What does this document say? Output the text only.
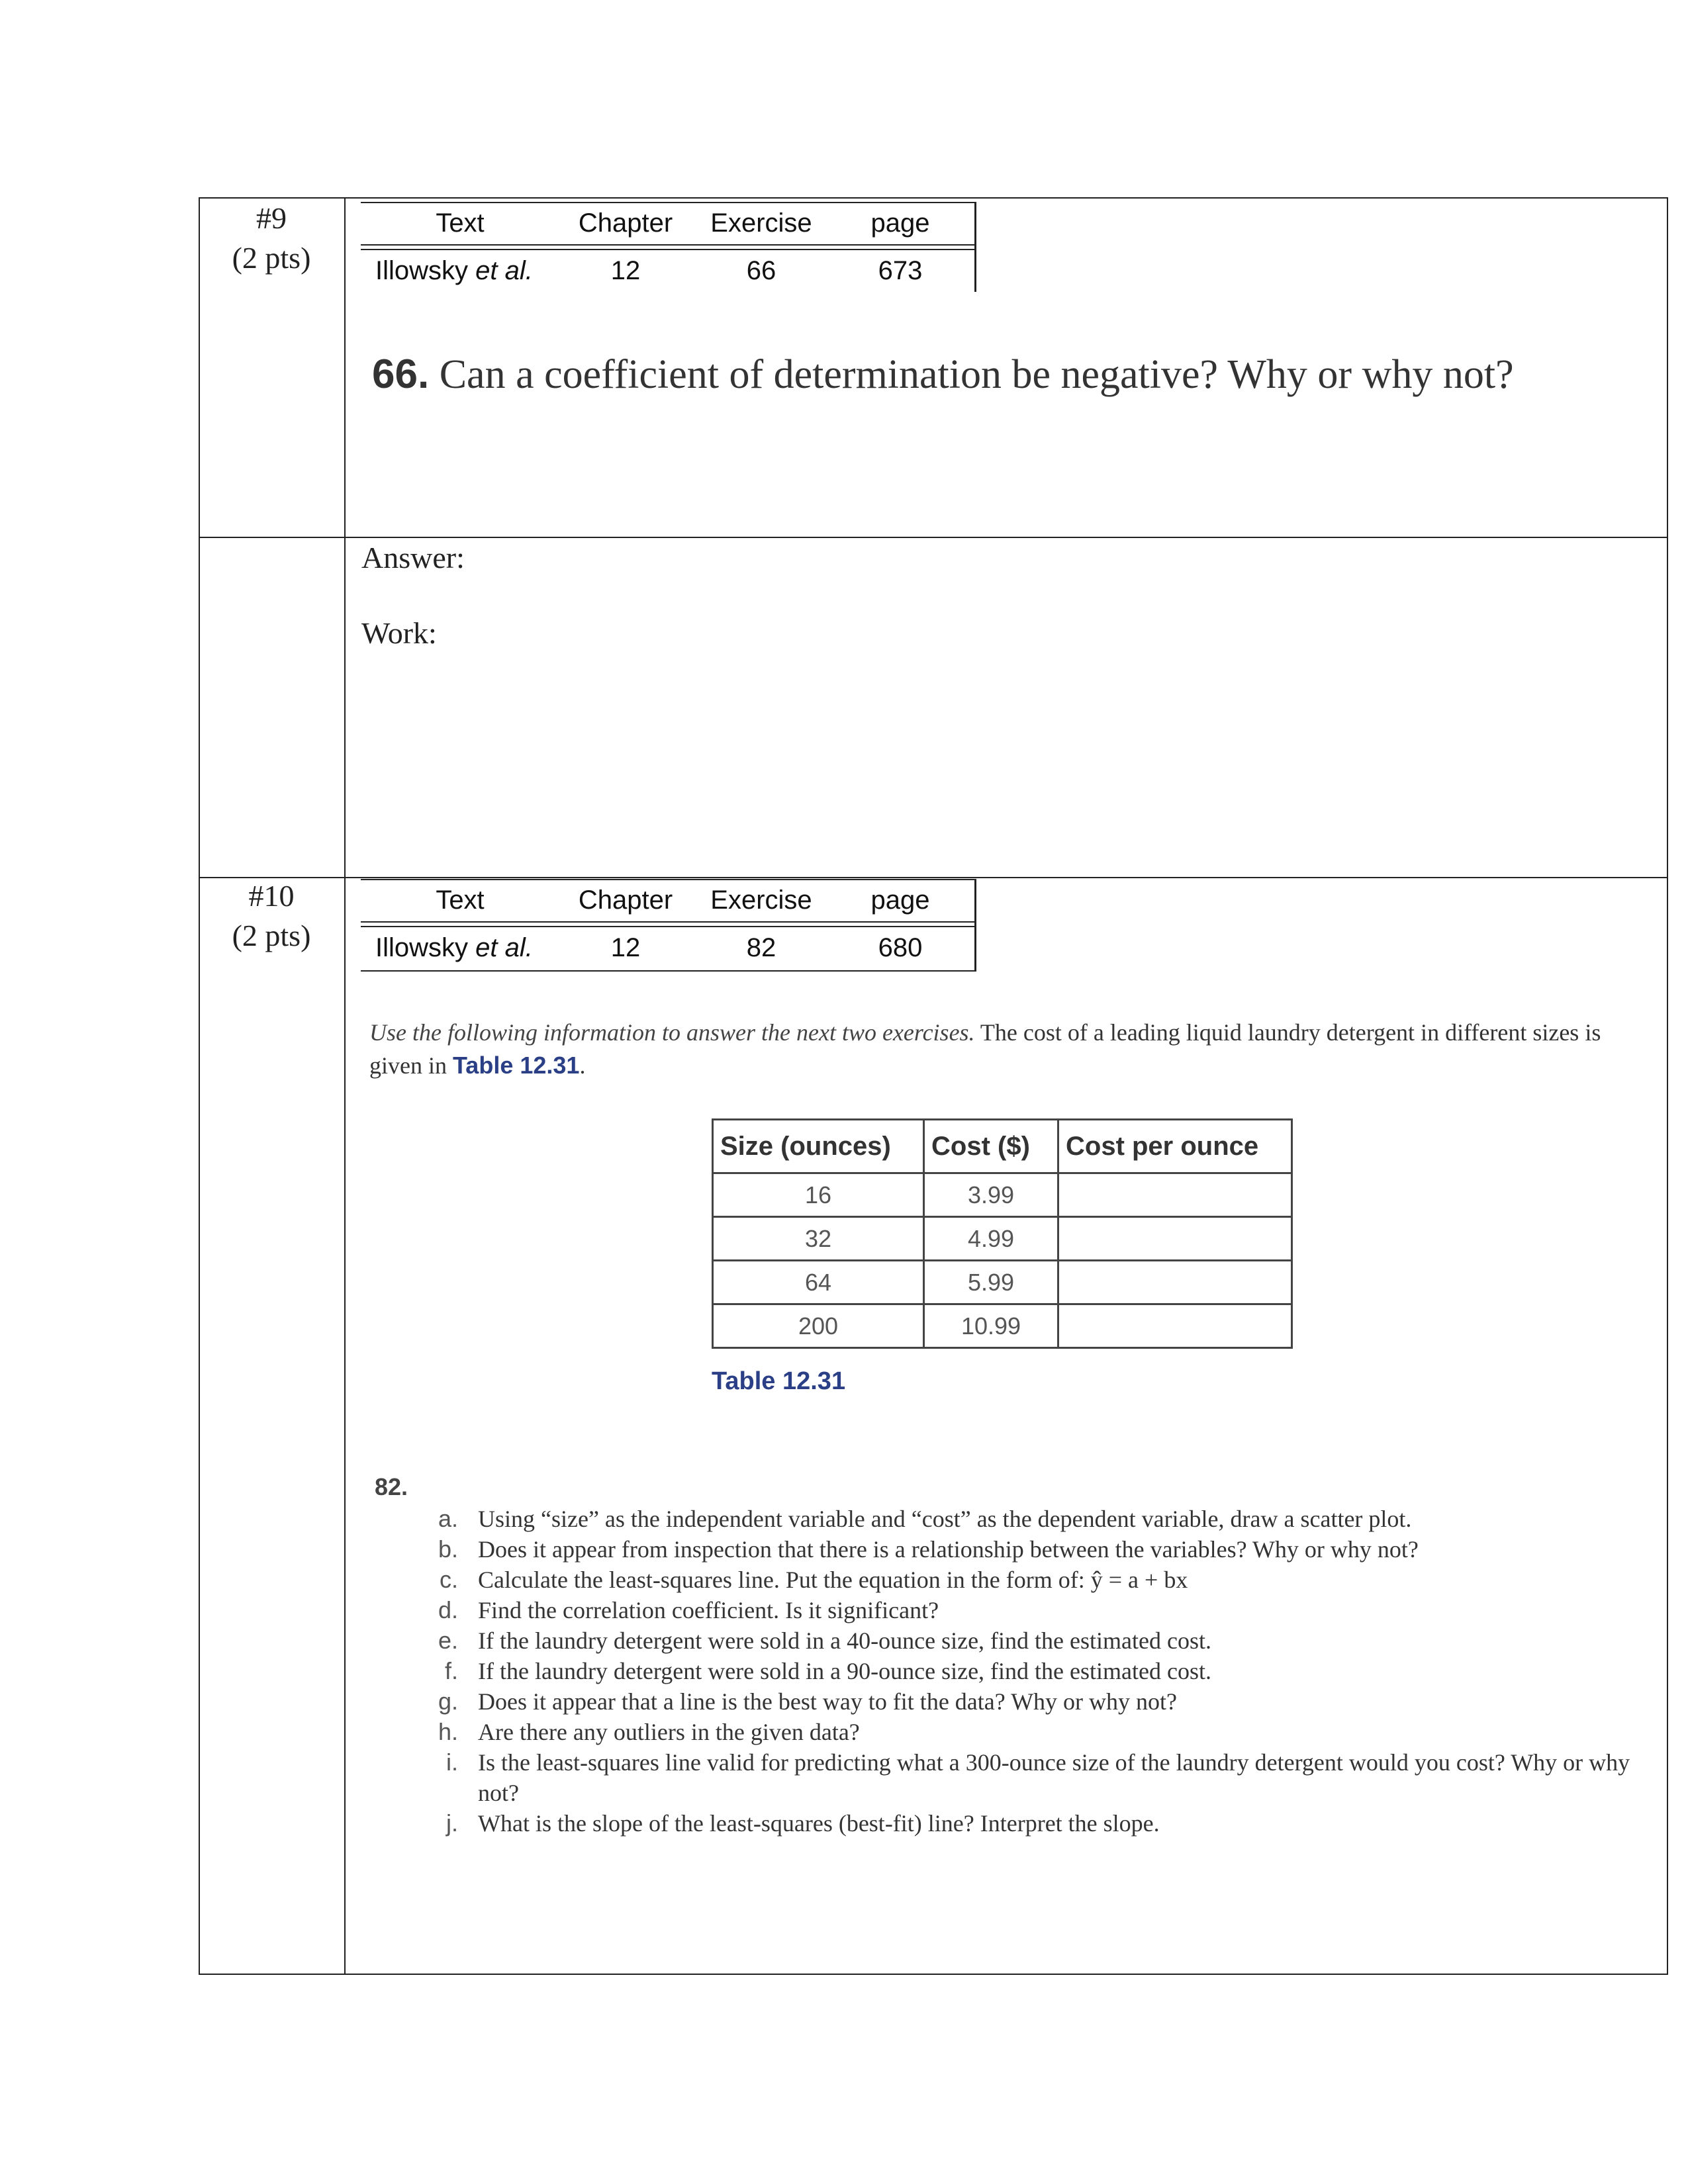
#9
(2 pts)
Text	Chapter	Exercise	page
Illowsky et al.	12	66	673
66. Can a coefficient of determination be negative? Why or why not?
Answer:
Work:
#10
(2 pts)
Text	Chapter	Exercise	page
Illowsky et al.	12	82	680
Use the following information to answer the next two exercises. The cost of a leading liquid laundry detergent in different sizes is given in Table 12.31.
Size (ounces)	Cost ($)	Cost per ounce
16	3.99	
32	4.99	
64	5.99	
200	10.99	
Table 12.31
82.
a. Using “size” as the independent variable and “cost” as the dependent variable, draw a scatter plot.
b. Does it appear from inspection that there is a relationship between the variables? Why or why not?
c. Calculate the least-squares line. Put the equation in the form of: ŷ = a + bx
d. Find the correlation coefficient. Is it significant?
e. If the laundry detergent were sold in a 40-ounce size, find the estimated cost.
f. If the laundry detergent were sold in a 90-ounce size, find the estimated cost.
g. Does it appear that a line is the best way to fit the data? Why or why not?
h. Are there any outliers in the given data?
i. Is the least-squares line valid for predicting what a 300-ounce size of the laundry detergent would you cost? Why or why not?
j. What is the slope of the least-squares (best-fit) line? Interpret the slope.
